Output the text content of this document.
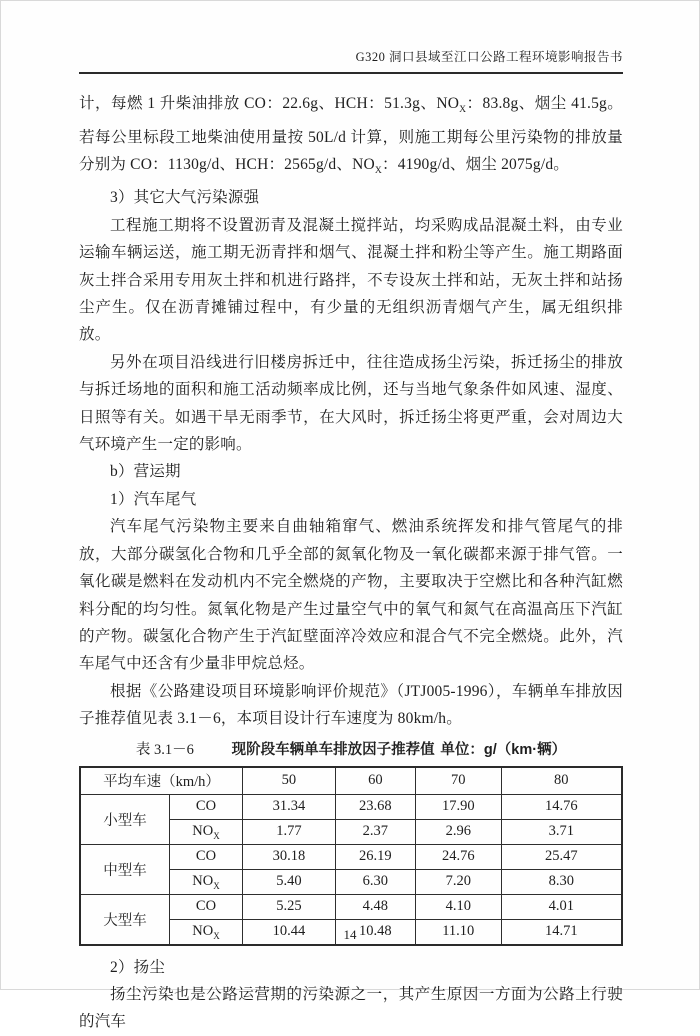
G320 洞口县域至江口公路工程环境影响报告书

计，每燃 1 升柴油排放 CO：22.6g、HCH：51.3g、$NO_X$：83.8g、烟尘 41.5g。若每公里标段工地柴油使用量按 50L/d 计算，则施工期每公里污染物的排放量分别为 CO：1130g/d、HCH：2565g/d、$NO_X$：4190g/d、烟尘 2075g/d。

3）其它大气污染源强

工程施工期将不设置沥青及混凝土搅拌站，均采购成品混凝土料，由专业运输车辆运送，施工期无沥青拌和烟气、混凝土拌和粉尘等产生。施工期路面灰土拌合采用专用灰土拌和机进行路拌，不专设灰土拌和站，无灰土拌和站扬尘产生。仅在沥青摊铺过程中，有少量的无组织沥青烟气产生，属无组织排放。

另外在项目沿线进行旧楼房拆迁中，往往造成扬尘污染，拆迁扬尘的排放与拆迁场地的面积和施工活动频率成比例，还与当地气象条件如风速、湿度、日照等有关。如遇干旱无雨季节，在大风时，拆迁扬尘将更严重，会对周边大气环境产生一定的影响。

b）营运期

1）汽车尾气

汽车尾气污染物主要来自曲轴箱窜气、燃油系统挥发和排气管尾气的排放，大部分碳氢化合物和几乎全部的氮氧化物及一氧化碳都来源于排气管。一氧化碳是燃料在发动机内不完全燃烧的产物，主要取决于空燃比和各种汽缸燃料分配的均匀性。氮氧化物是产生过量空气中的氧气和氮气在高温高压下汽缸的产物。碳氢化合物产生于汽缸壁面淬冷效应和混合气不完全燃烧。此外，汽车尾气中还含有少量非甲烷总烃。

根据《公路建设项目环境影响评价规范》（JTJ005-1996），车辆单车排放因子推荐值见表 3.1－6，本项目设计行车速度为 80km/h。

表 3.1－6	现阶段车辆单车排放因子推荐值 单位：g/（km·辆）
平均车速（km/h）		50	60	70	80
小型车	CO	31.34	23.68	17.90	14.76
	$NO_X$	1.77	2.37	2.96	3.71
中型车	CO	30.18	26.19	24.76	25.47
	$NO_X$	5.40	6.30	7.20	8.30
大型车	CO	5.25	4.48	4.10	4.01
	$NO_X$	10.44	10.48	11.10	14.71

2）扬尘

扬尘污染也是公路运营期的污染源之一，其产生原因一方面为公路上行驶的汽车

14
